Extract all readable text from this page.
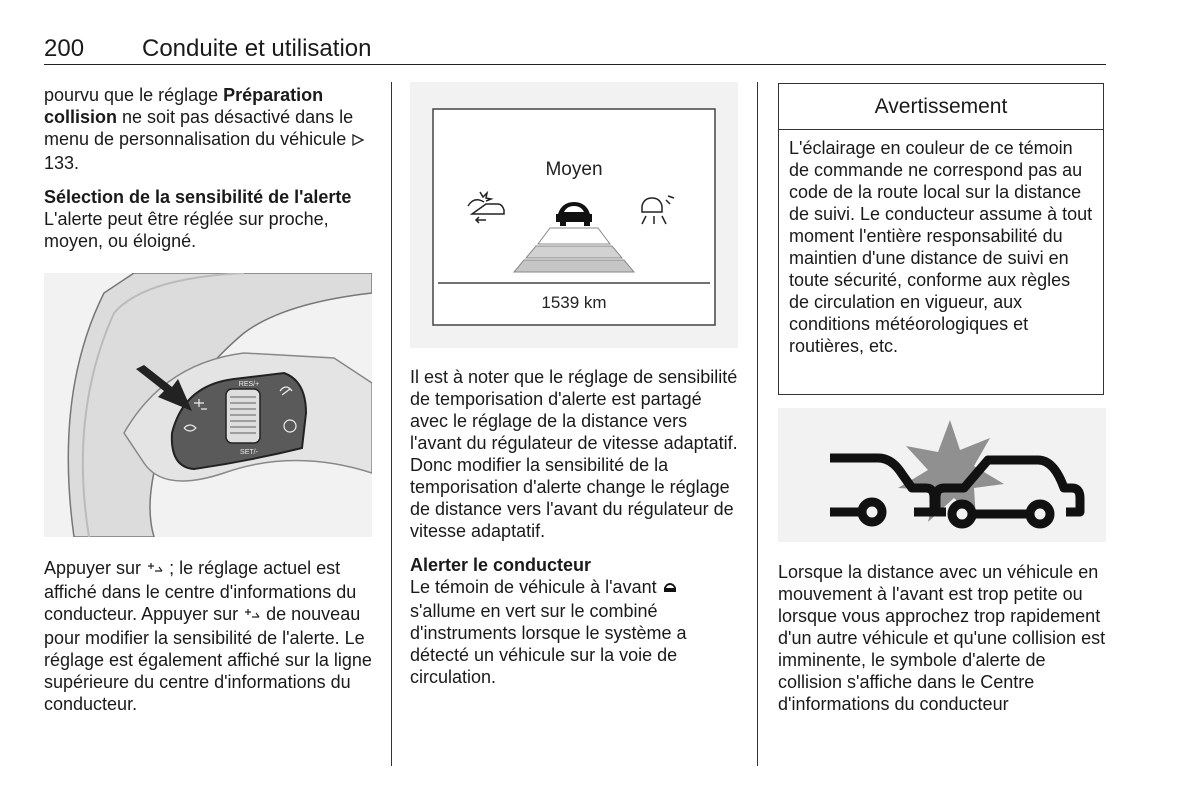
200 Conduite et utilisation

pourvu que le réglage Préparation collision ne soit pas désactivé dans le menu de personnalisation du véhicule  133.

Sélection de la sensibilité de l'alerte

L'alerte peut être réglée sur proche, moyen, ou éloigné.

RES/+
SET/-

Appuyer sur  ; le réglage actuel est affiché dans le centre d'informations du conducteur. Appuyer sur  de nouveau pour modifier la sensibilité de l'alerte. Le réglage est également affiché sur la ligne supérieure du centre d'informations du conducteur.

Moyen
1539 km

Il est à noter que le réglage de sensibilité de temporisation d'alerte est partagé avec le réglage de la distance vers l'avant du régulateur de vitesse adaptatif. Donc modifier la sensibilité de la temporisation d'alerte change le réglage de distance vers l'avant du régulateur de vitesse adaptatif.

Alerter le conducteur

Le témoin de véhicule à l'avant  s'allume en vert sur le combiné d'instruments lorsque le système a détecté un véhicule sur la voie de circulation.

Avertissement
L'éclairage en couleur de ce témoin de commande ne correspond pas au code de la route local sur la distance de suivi. Le conducteur assume à tout moment l'entière responsabilité du maintien d'une distance de suivi en toute sécurité, conforme aux règles de circulation en vigueur, aux conditions météorologiques et routières, etc.

Lorsque la distance avec un véhicule en mouvement à l'avant est trop petite ou lorsque vous approchez trop rapidement d'un autre véhicule et qu'une collision est imminente, le symbole d'alerte de collision s'affiche dans le Centre d'informations du conducteur
